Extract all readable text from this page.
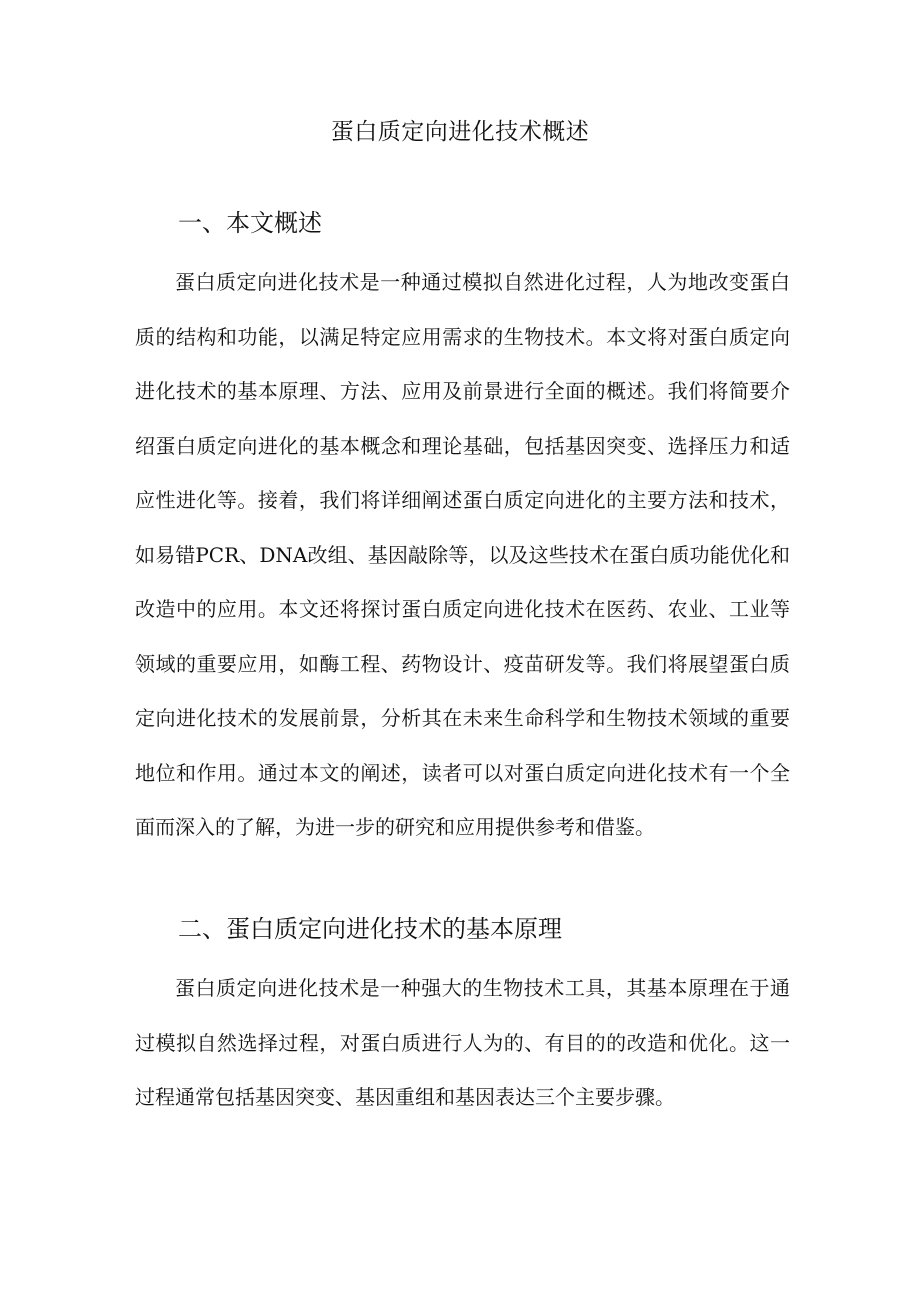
蛋白质定向进化技术概述
一、本文概述

蛋白质定向进化技术是一种通过模拟自然进化过程，人为地改变蛋白质的结构和功能，以满足特定应用需求的生物技术。本文将对蛋白质定向进化技术的基本原理、方法、应用及前景进行全面的概述。我们将简要介绍蛋白质定向进化的基本概念和理论基础，包括基因突变、选择压力和适应性进化等。接着，我们将详细阐述蛋白质定向进化的主要方法和技术，如易错PCR、DNA改组、基因敲除等，以及这些技术在蛋白质功能优化和改造中的应用。本文还将探讨蛋白质定向进化技术在医药、农业、工业等领域的重要应用，如酶工程、药物设计、疫苗研发等。我们将展望蛋白质定向进化技术的发展前景，分析其在未来生命科学和生物技术领域的重要地位和作用。通过本文的阐述，读者可以对蛋白质定向进化技术有一个全面而深入的了解，为进一步的研究和应用提供参考和借鉴。

二、蛋白质定向进化技术的基本原理

蛋白质定向进化技术是一种强大的生物技术工具，其基本原理在于通过模拟自然选择过程，对蛋白质进行人为的、有目的的改造和优化。这一过程通常包括基因突变、基因重组和基因表达三个主要步骤。
